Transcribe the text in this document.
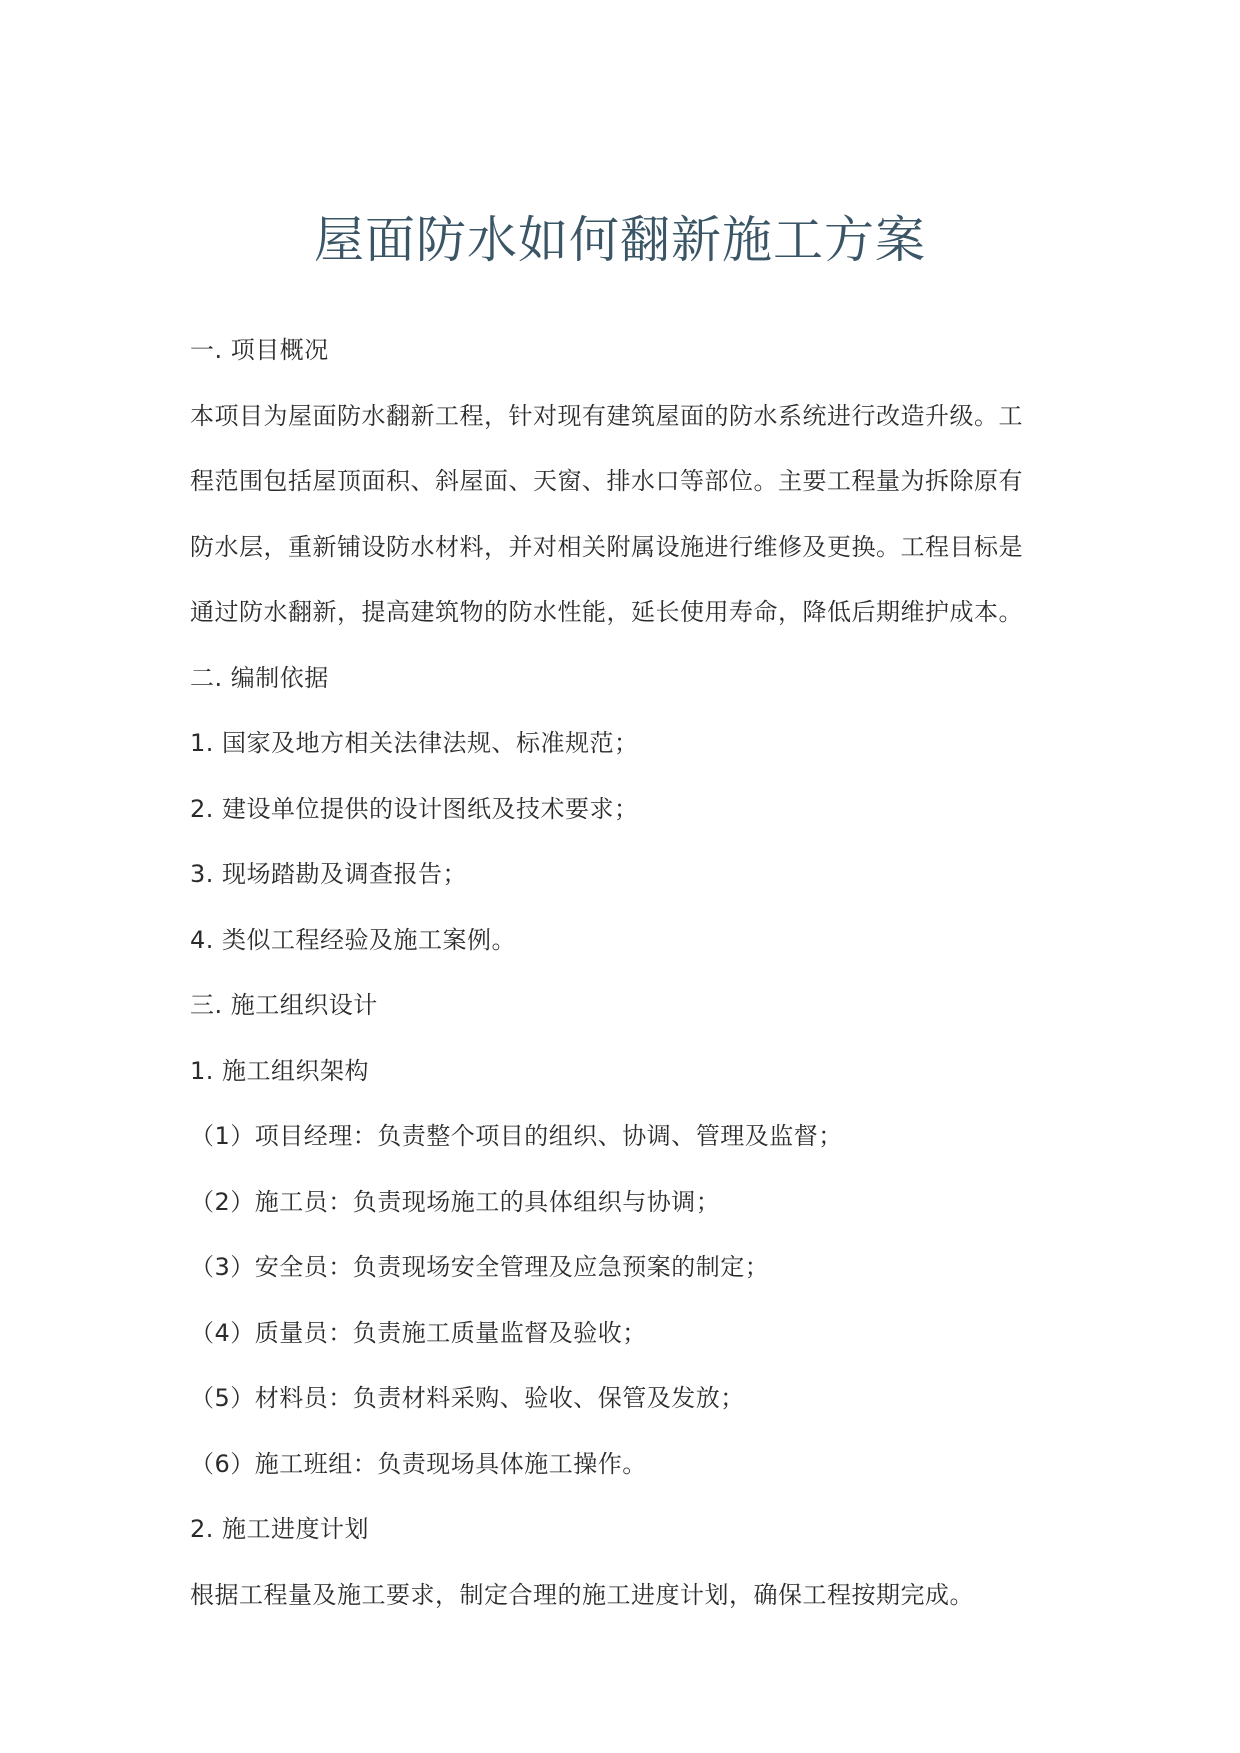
屋面防水如何翻新施工方案

一. 项目概况

本项目为屋面防水翻新工程，针对现有建筑屋面的防水系统进行改造升级。工

程范围包括屋顶面积、斜屋面、天窗、排水口等部位。主要工程量为拆除原有

防水层，重新铺设防水材料，并对相关附属设施进行维修及更换。工程目标是

通过防水翻新，提高建筑物的防水性能，延长使用寿命，降低后期维护成本。

二. 编制依据

1. 国家及地方相关法律法规、标准规范；

2. 建设单位提供的设计图纸及技术要求；

3. 现场踏勘及调查报告；

4. 类似工程经验及施工案例。

三. 施工组织设计

1. 施工组织架构

（1）项目经理：负责整个项目的组织、协调、管理及监督；

（2）施工员：负责现场施工的具体组织与协调；

（3）安全员：负责现场安全管理及应急预案的制定；

（4）质量员：负责施工质量监督及验收；

（5）材料员：负责材料采购、验收、保管及发放；

（6）施工班组：负责现场具体施工操作。

2. 施工进度计划

根据工程量及施工要求，制定合理的施工进度计划，确保工程按期完成。
